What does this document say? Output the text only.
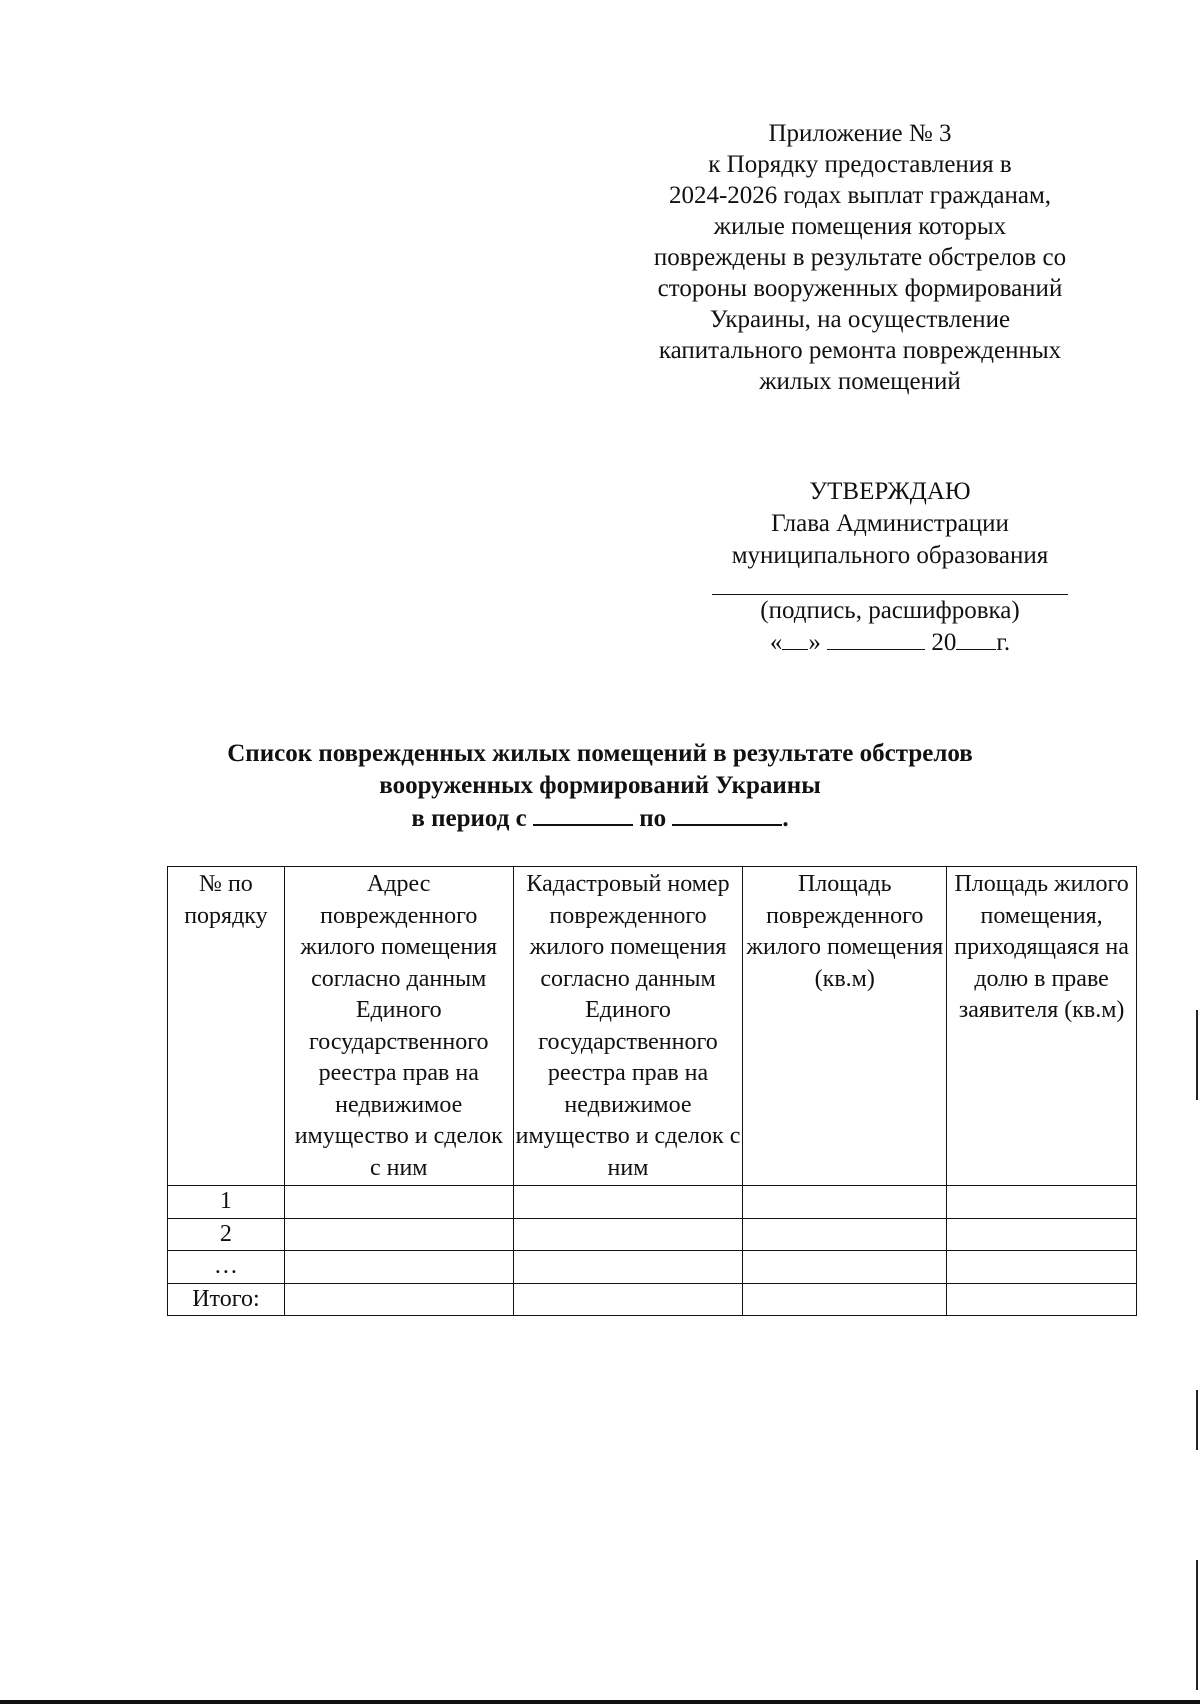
Приложение № 3
к Порядку предоставления в
2024-2026 годах выплат гражданам,
жилые помещения которых
повреждены в результате обстрелов со
стороны вооруженных формирований
Украины, на осуществление
капитального ремонта поврежденных
жилых помещений
УТВЕРЖДАЮ
Глава Администрации
муниципального образования
(подпись, расшифровка)
« »	20 г.
Список поврежденных жилых помещений в результате обстрелов
вооруженных формирований Украины
в период с	по	.
№ по порядку	Адрес поврежденного жилого помещения согласно данным Единого государственного реестра прав на недвижимое имущество и сделок с ним	Кадастровый номер поврежденного жилого помещения согласно данным Единого государственного реестра прав на недвижимое имущество и сделок с ним	Площадь поврежденного жилого помещения (кв.м)	Площадь жилого помещения, приходящаяся на долю в праве заявителя (кв.м)
1				
2				
…				
Итого:				
